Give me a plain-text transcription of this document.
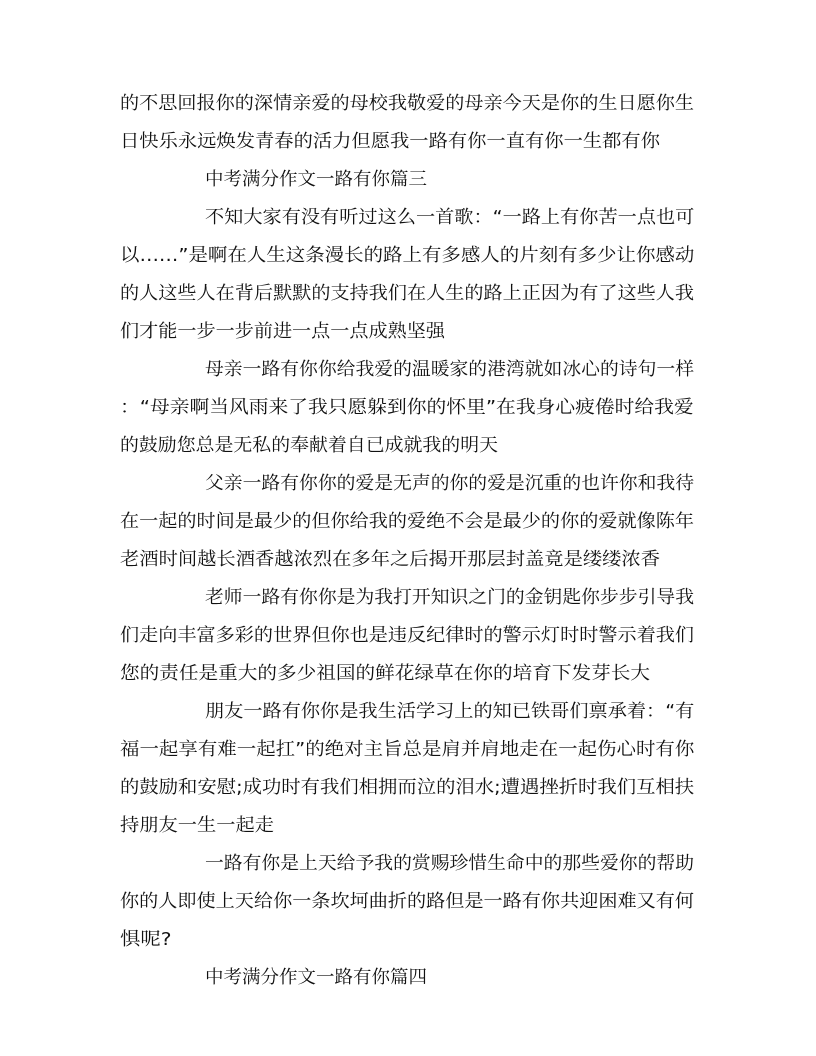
的不思回报你的深情亲爱的母校我敬爱的母亲今天是你的生日愿你生
日快乐永远焕发青春的活力但愿我一路有你一直有你一生都有你
中考满分作文一路有你篇三
不知大家有没有听过这么一首歌：“一路上有你苦一点也可
以……”是啊在人生这条漫长的路上有多感人的片刻有多少让你感动
的人这些人在背后默默的支持我们在人生的路上正因为有了这些人我
们才能一步一步前进一点一点成熟坚强
母亲一路有你你给我爱的温暖家的港湾就如冰心的诗句一样
：“母亲啊当风雨来了我只愿躲到你的怀里”在我身心疲倦时给我爱
的鼓励您总是无私的奉献着自已成就我的明天
父亲一路有你你的爱是无声的你的爱是沉重的也许你和我待
在一起的时间是最少的但你给我的爱绝不会是最少的你的爱就像陈年
老酒时间越长酒香越浓烈在多年之后揭开那层封盖竟是缕缕浓香
老师一路有你你是为我打开知识之门的金钥匙你步步引导我
们走向丰富多彩的世界但你也是违反纪律时的警示灯时时警示着我们
您的责任是重大的多少祖国的鲜花绿草在你的培育下发芽长大
朋友一路有你你是我生活学习上的知已铁哥们禀承着：“有
福一起享有难一起扛”的绝对主旨总是肩并肩地走在一起伤心时有你
的鼓励和安慰;成功时有我们相拥而泣的泪水;遭遇挫折时我们互相扶
持朋友一生一起走
一路有你是上天给予我的赏赐珍惜生命中的那些爱你的帮助
你的人即使上天给你一条坎坷曲折的路但是一路有你共迎困难又有何
惧呢?
中考满分作文一路有你篇四
